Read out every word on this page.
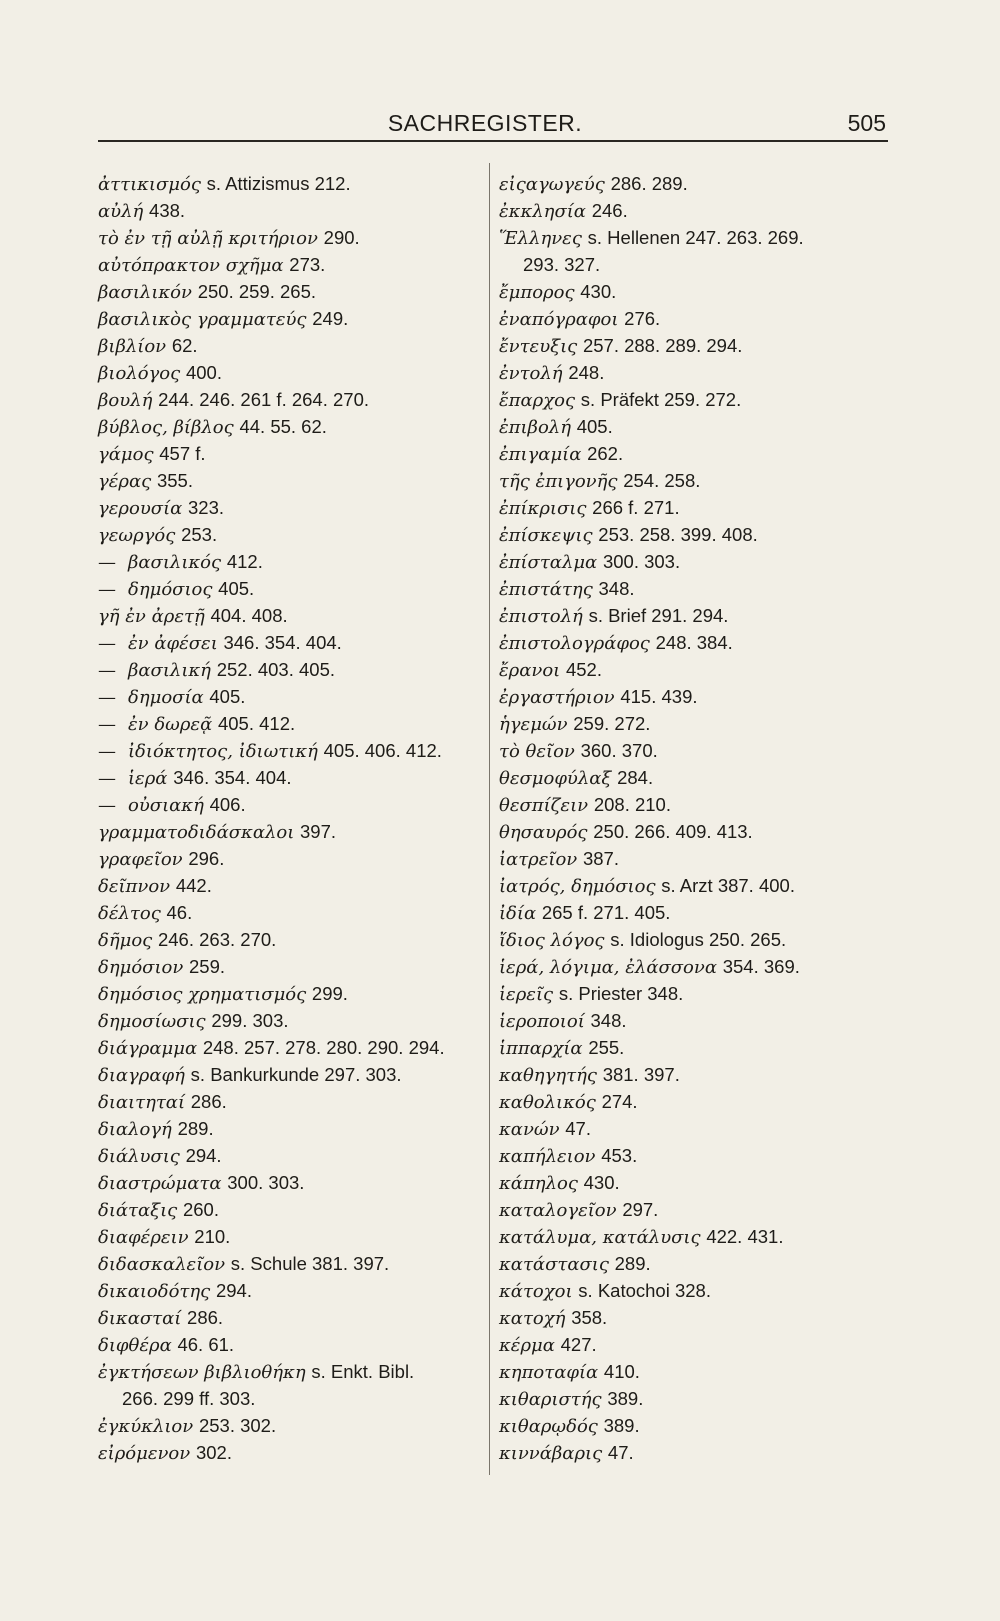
SACHREGISTER.	505
ἀττικισμός s. Attizismus 212.
αὐλή 438.
τὸ ἐν τῇ αὐλῇ κριτήριον 290.
αὐτόπρακτον σχῆμα 273.
βασιλικόν 250. 259. 265.
βασιλικὸς γραμματεύς 249.
βιβλίον 62.
βιολόγος 400.
βουλή 244. 246. 261 f. 264. 270.
βύβλος, βίβλος 44. 55. 62.
γάμος 457 f.
γέρας 355.
γερουσία 323.
γεωργός 253.
— βασιλικός 412.
— δημόσιος 405.
γῆ ἐν ἀρετῇ 404. 408.
— ἐν ἀφέσει 346. 354. 404.
— βασιλική 252. 403. 405.
— δημοσία 405.
— ἐν δωρεᾷ 405. 412.
— ἰδιόκτητος, ἰδιωτική 405. 406. 412.
— ἱερά 346. 354. 404.
— οὐσιακή 406.
γραμματοδιδάσκαλοι 397.
γραφεῖον 296.
δεῖπνον 442.
δέλτος 46.
δῆμος 246. 263. 270.
δημόσιον 259.
δημόσιος χρηματισμός 299.
δημοσίωσις 299. 303.
διάγραμμα 248. 257. 278. 280. 290. 294.
διαγραφή s. Bankurkunde 297. 303.
διαιτηταί 286.
διαλογή 289.
διάλυσις 294.
διαστρώματα 300. 303.
διάταξις 260.
διαφέρειν 210.
διδασκαλεῖον s. Schule 381. 397.
δικαιοδότης 294.
δικασταί 286.
διφθέρα 46. 61.
ἐγκτήσεων βιβλιοθήκη s. Enkt. Bibl.
266. 299 ff. 303.
ἐγκύκλιον 253. 302.
εἰρόμενον 302.
εἰςαγωγεύς 286. 289.
ἐκκλησία 246.
Ἕλληνες s. Hellenen 247. 263. 269.
293. 327.
ἔμπορος 430.
ἐναπόγραφοι 276.
ἔντευξις 257. 288. 289. 294.
ἐντολή 248.
ἔπαρχος s. Präfekt 259. 272.
ἐπιβολή 405.
ἐπιγαμία 262.
τῆς ἐπιγονῆς 254. 258.
ἐπίκρισις 266 f. 271.
ἐπίσκεψις 253. 258. 399. 408.
ἐπίσταλμα 300. 303.
ἐπιστάτης 348.
ἐπιστολή s. Brief 291. 294.
ἐπιστολογράφος 248. 384.
ἔρανοι 452.
ἐργαστήριον 415. 439.
ἡγεμών 259. 272.
τὸ θεῖον 360. 370.
θεσμοφύλαξ 284.
θεσπίζειν 208. 210.
θησαυρός 250. 266. 409. 413.
ἰατρεῖον 387.
ἰατρός, δημόσιος s. Arzt 387. 400.
ἰδία 265 f. 271. 405.
ἴδιος λόγος s. Idiologus 250. 265.
ἱερά, λόγιμα, ἐλάσσονα 354. 369.
ἱερεῖς s. Priester 348.
ἱεροποιοί 348.
ἱππαρχία 255.
καθηγητής 381. 397.
καθολικός 274.
κανών 47.
καπήλειον 453.
κάπηλος 430.
καταλογεῖον 297.
κατάλυμα, κατάλυσις 422. 431.
κατάστασις 289.
κάτοχοι s. Katochoi 328.
κατοχή 358.
κέρμα 427.
κηποταφία 410.
κιθαριστής 389.
κιθαρῳδός 389.
κιννάβαρις 47.
